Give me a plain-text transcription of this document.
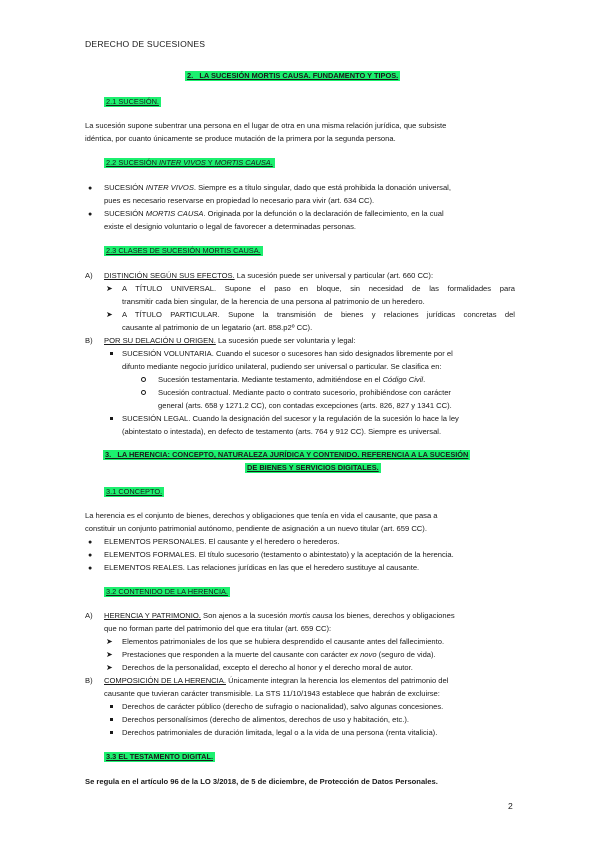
DERECHO DE SUCESIONES
2.   LA SUCESIÓN MORTIS CAUSA. FUNDAMENTO Y TIPOS.
2.1 SUCESIÓN.
La sucesión supone subentrar una persona en el lugar de otra en una misma relación jurídica, que subsiste
idéntica, por cuanto únicamente se produce mutación de la primera por la segunda persona.
2.2 SUCESIÓN INTER VIVOS Y MORTIS CAUSA.
● SUCESIÓN INTER VIVOS. Siempre es a título singular, dado que está prohibida la donación universal,
pues es necesario reservarse en propiedad lo necesario para vivir (art. 634 CC).
● SUCESIÓN MORTIS CAUSA. Originada por la defunción o la declaración de fallecimiento, en la cual
existe el designio voluntario o legal de favorecer a determinadas personas.
2.3 CLASES DE SUCESIÓN MORTIS CAUSA.
A) DISTINCIÓN SEGÚN SUS EFECTOS. La sucesión puede ser universal y particular (art. 660 CC):
➤ A TÍTULO UNIVERSAL. Supone el paso en bloque, sin necesidad de las formalidades para
transmitir cada bien singular, de la herencia de una persona al patrimonio de un heredero.
➤ A TÍTULO PARTICULAR. Supone la transmisión de bienes y relaciones jurídicas concretas del
causante al patrimonio de un legatario (art. 858.p2º CC).
B) POR SU DELACIÓN U ORIGEN. La sucesión puede ser voluntaria y legal:
SUCESIÓN VOLUNTARIA. Cuando el sucesor o sucesores han sido designados libremente por el
difunto mediante negocio jurídico unilateral, pudiendo ser universal o particular. Se clasifica en:
Sucesión testamentaria. Mediante testamento, admitiéndose en el Código Civil.
Sucesión contractual. Mediante pacto o contrato sucesorio, prohibiéndose con carácter
general (arts. 658 y 1271.2 CC), con contadas excepciones (arts. 826, 827 y 1341 CC).
SUCESIÓN LEGAL. Cuando la designación del sucesor y la regulación de la sucesión lo hace la ley
(abintestato o intestada), en defecto de testamento (arts. 764 y 912 CC). Siempre es universal.
3.   LA HERENCIA: CONCEPTO, NATURALEZA JURÍDICA Y CONTENIDO. REFERENCIA A LA SUCESIÓN
DE BIENES Y SERVICIOS DIGITALES.
3.1 CONCEPTO.
La herencia es el conjunto de bienes, derechos y obligaciones que tenía en vida el causante, que pasa a
constituir un conjunto patrimonial autónomo, pendiente de asignación a un nuevo titular (art. 659 CC).
● ELEMENTOS PERSONALES. El causante y el heredero o herederos.
● ELEMENTOS FORMALES. El título sucesorio (testamento o abintestato) y la aceptación de la herencia.
● ELEMENTOS REALES. Las relaciones jurídicas en las que el heredero sustituye al causante.
3.2 CONTENIDO DE LA HERENCIA.
A) HERENCIA Y PATRIMONIO. Son ajenos a la sucesión mortis causa los bienes, derechos y obligaciones
que no forman parte del patrimonio del que era titular (art. 659 CC):
➤ Elementos patrimoniales de los que se hubiera desprendido el causante antes del fallecimiento.
➤ Prestaciones que responden a la muerte del causante con carácter ex novo (seguro de vida).
➤ Derechos de la personalidad, excepto el derecho al honor y el derecho moral de autor.
B) COMPOSICIÓN DE LA HERENCIA. Únicamente integran la herencia los elementos del patrimonio del
causante que tuvieran carácter transmisible. La STS 11/10/1943 establece que habrán de excluirse:
Derechos de carácter público (derecho de sufragio o nacionalidad), salvo algunas concesiones.
Derechos personalísimos (derecho de alimentos, derechos de uso y habitación, etc.).
Derechos patrimoniales de duración limitada, legal o a la vida de una persona (renta vitalicia).
3.3 EL TESTAMENTO DIGITAL.
Se regula en el artículo 96 de la LO 3/2018, de 5 de diciembre, de Protección de Datos Personales.
2
